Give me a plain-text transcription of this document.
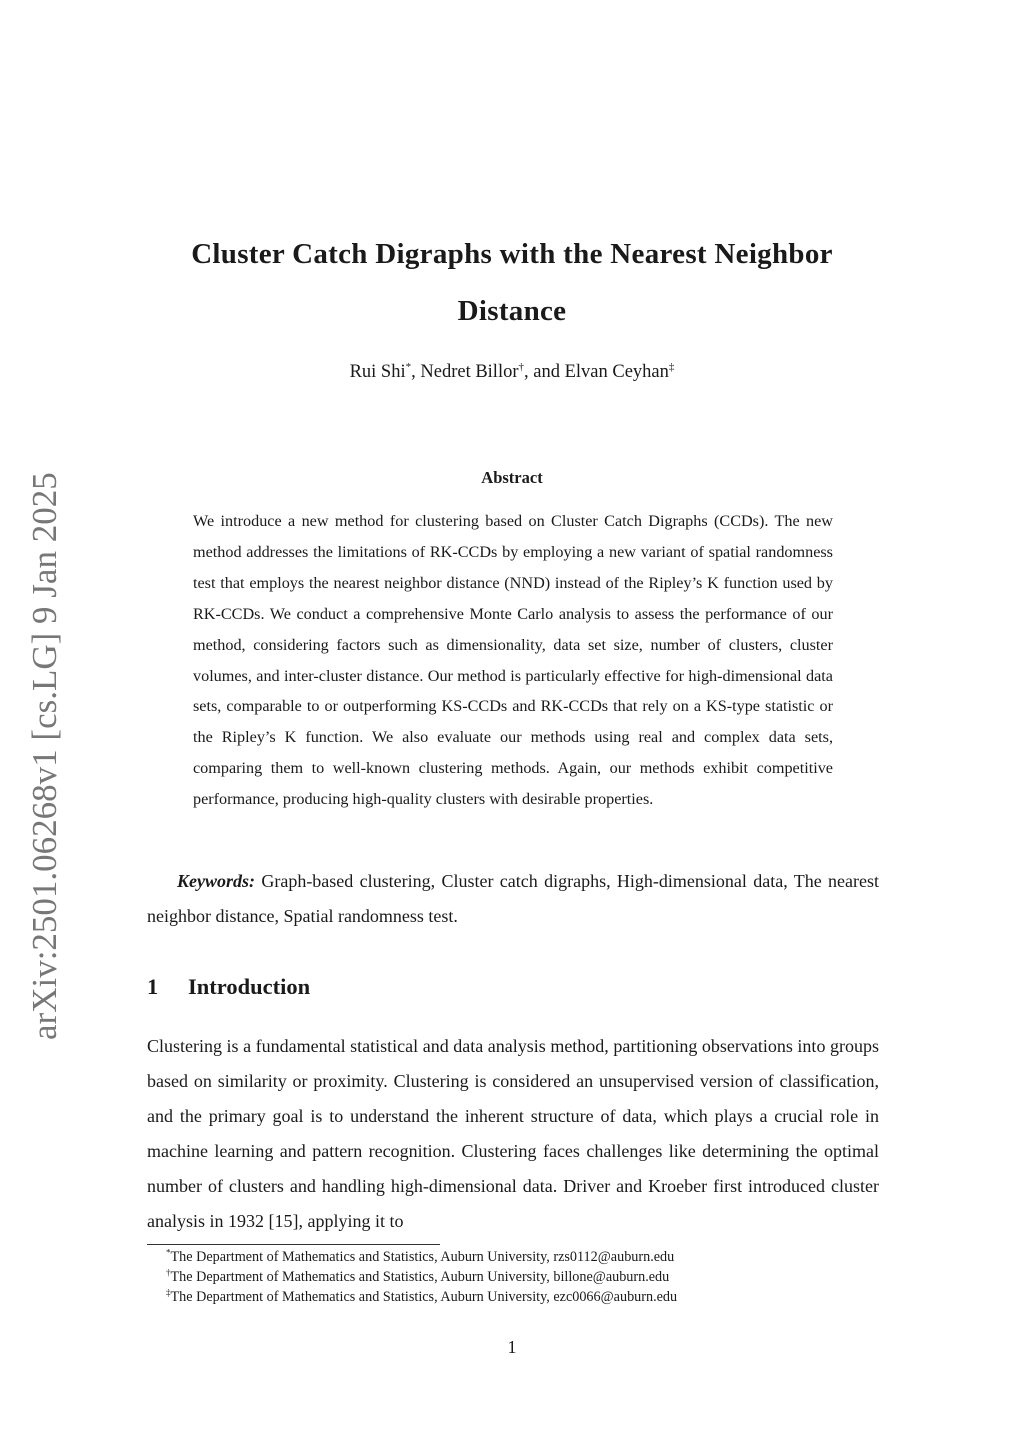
arXiv:2501.06268v1 [cs.LG] 9 Jan 2025
Cluster Catch Digraphs with the Nearest Neighbor Distance
Rui Shi*, Nedret Billor†, and Elvan Ceyhan‡
Abstract
We introduce a new method for clustering based on Cluster Catch Digraphs (CCDs). The new method addresses the limitations of RK-CCDs by employing a new variant of spatial randomness test that employs the nearest neighbor distance (NND) instead of the Ripley’s K function used by RK-CCDs. We conduct a comprehensive Monte Carlo analysis to assess the performance of our method, considering factors such as dimensionality, data set size, number of clusters, cluster volumes, and inter-cluster distance. Our method is particularly effective for high-dimensional data sets, comparable to or outperforming KS-CCDs and RK-CCDs that rely on a KS-type statistic or the Ripley’s K function. We also evaluate our methods using real and complex data sets, comparing them to well-known clustering methods. Again, our methods exhibit competitive performance, producing high-quality clusters with desirable properties.
Keywords: Graph-based clustering, Cluster catch digraphs, High-dimensional data, The nearest neighbor distance, Spatial randomness test.
1 Introduction
Clustering is a fundamental statistical and data analysis method, partitioning observations into groups based on similarity or proximity. Clustering is considered an unsupervised version of classification, and the primary goal is to understand the inherent structure of data, which plays a crucial role in machine learning and pattern recognition. Clustering faces challenges like determining the optimal number of clusters and handling high-dimensional data. Driver and Kroeber first introduced cluster analysis in 1932 [15], applying it to
*The Department of Mathematics and Statistics, Auburn University, rzs0112@auburn.edu
†The Department of Mathematics and Statistics, Auburn University, billone@auburn.edu
‡The Department of Mathematics and Statistics, Auburn University, ezc0066@auburn.edu
1
